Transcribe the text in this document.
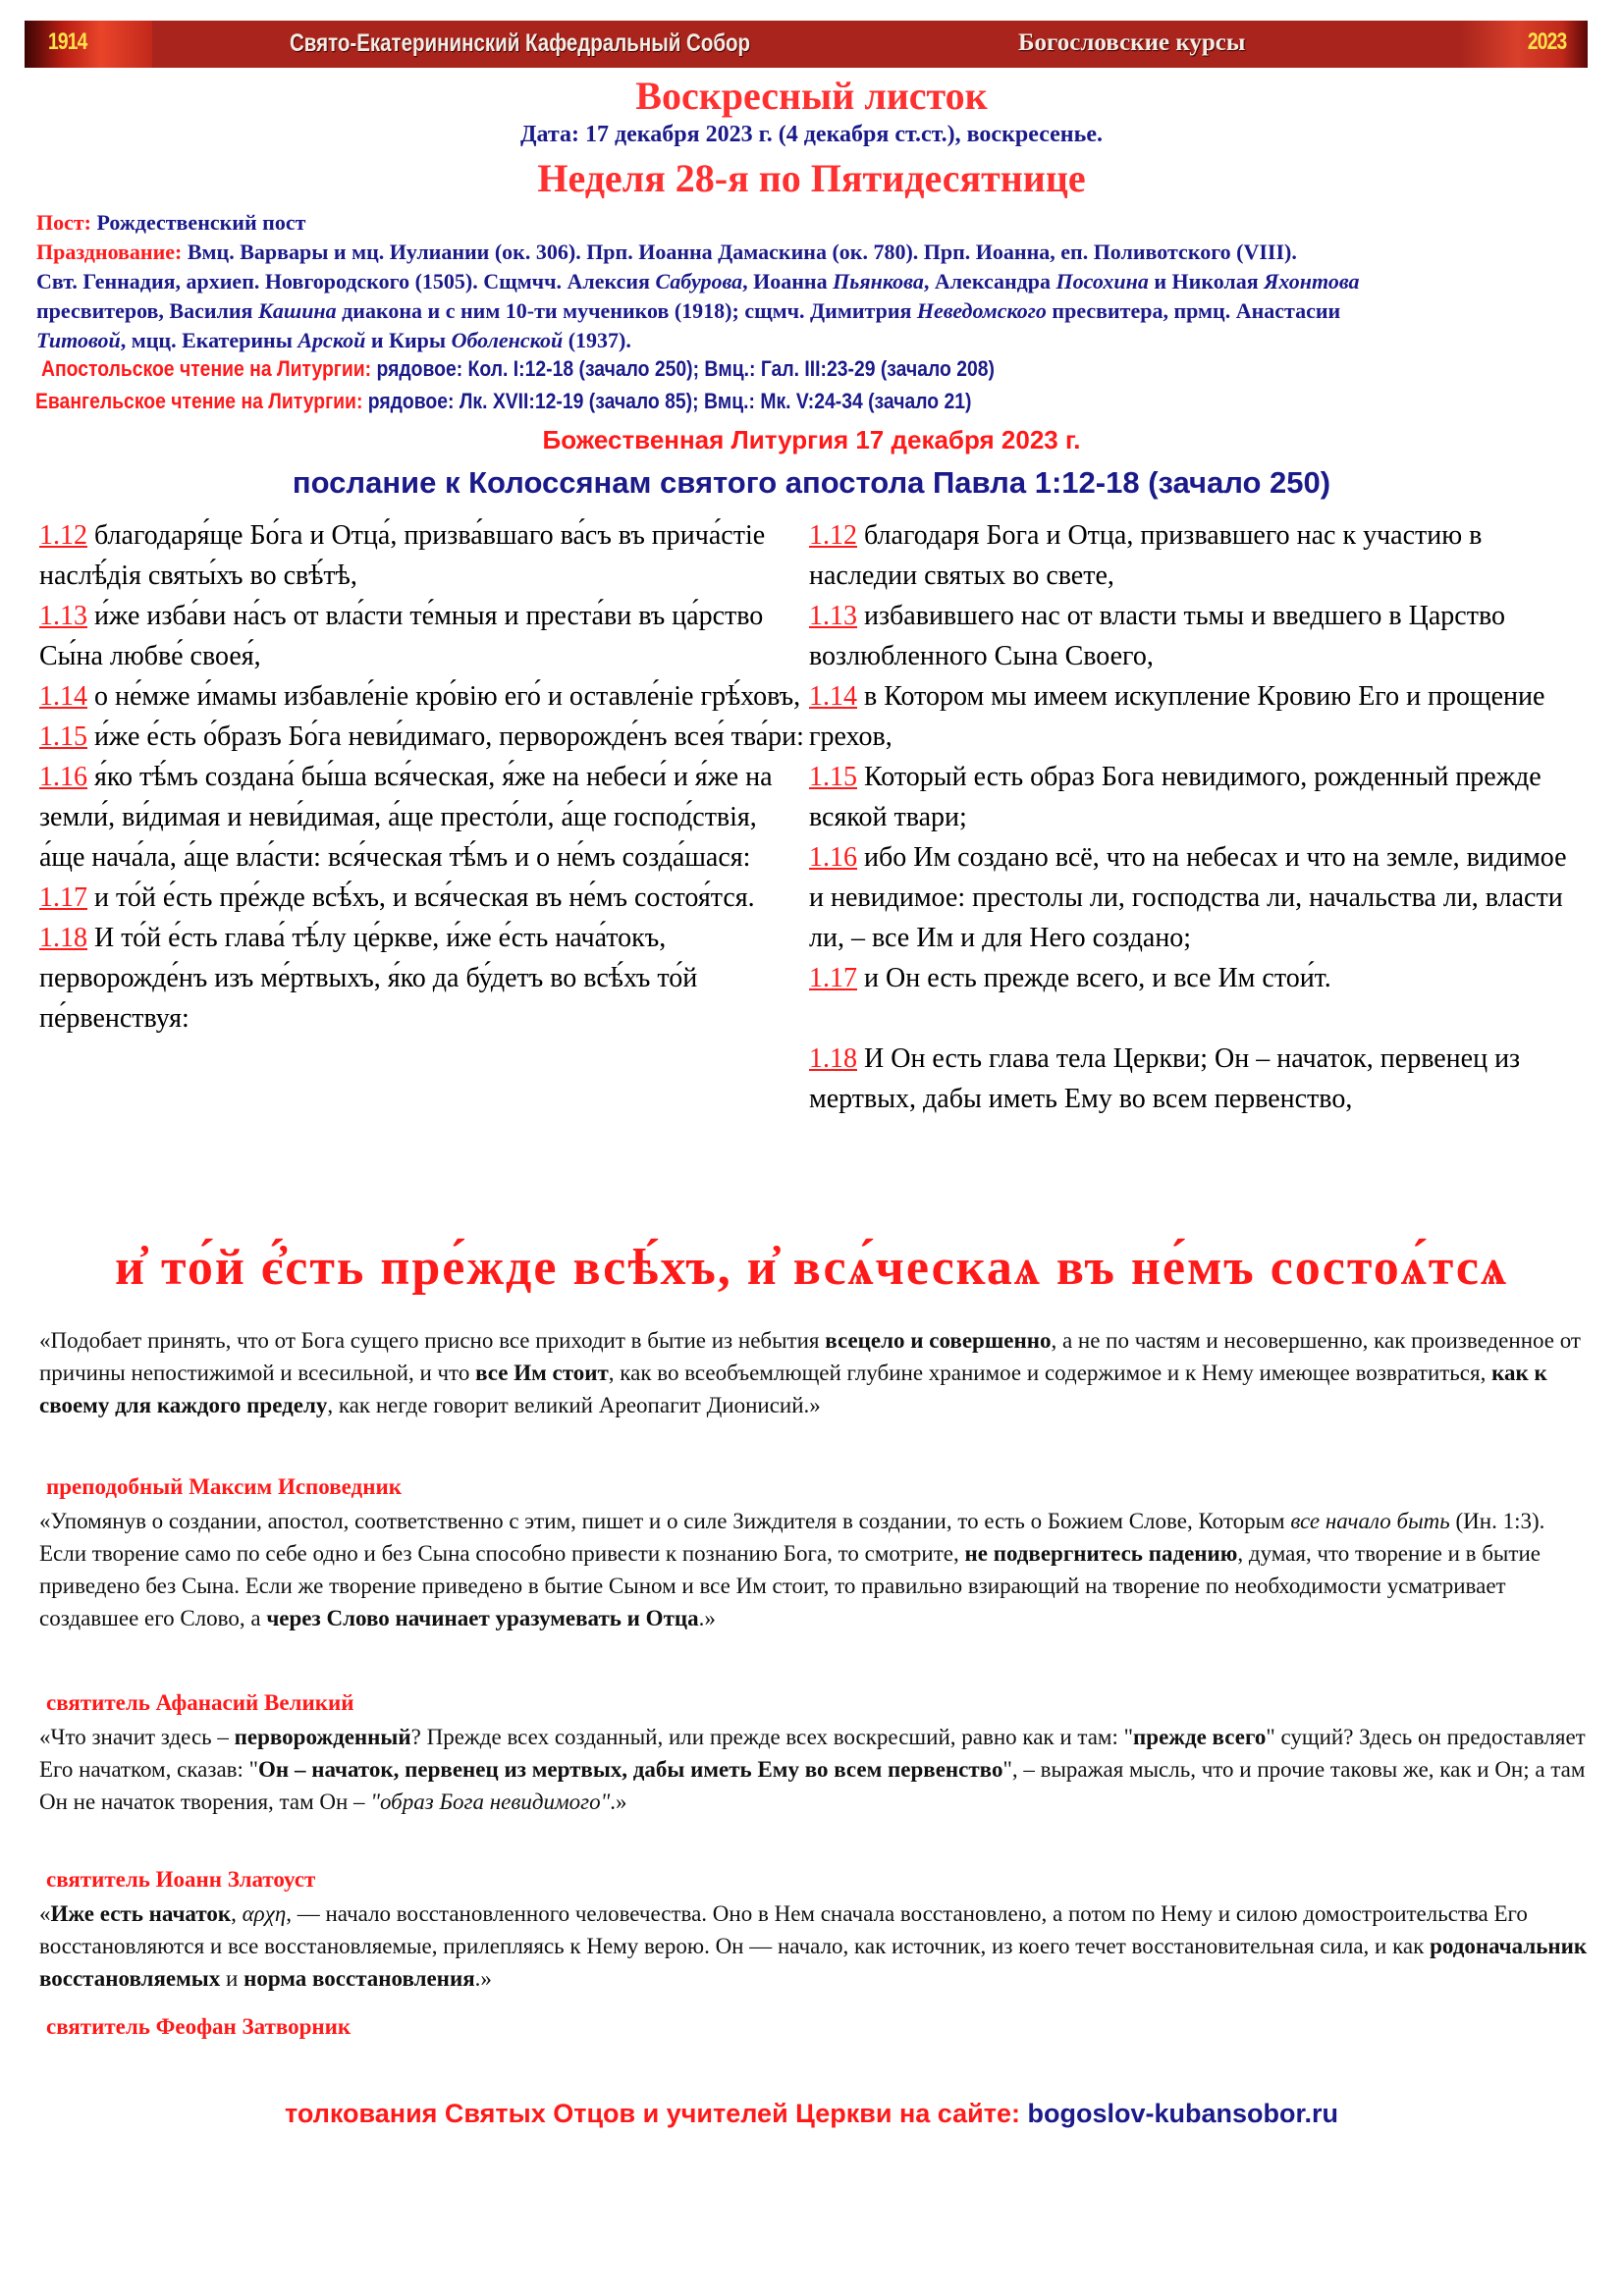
1914	Свято-Екатерининский Кафедральный Собор	Богословские курсы	2023
Воскресный листок
Дата: 17 декабря 2023 г. (4 декабря ст.ст.), воскресенье.
Неделя 28-я по Пятидесятнице
Пост: Рождественский пост
Празднование: Вмц. Варвары и мц. Иулиании (ок. 306). Прп. Иоанна Дамаскина (ок. 780). Прп. Иоанна, еп. Поливотского (VIII).
Свт. Геннадия, архиеп. Новгородского (1505). Сщмчч. Алексия Сабурова, Иоанна Пьянкова, Александра Посохина и Николая Яхонтова
пресвитеров, Василия Кашина диакона и с ним 10-ти мучеников (1918); сщмч. Димитрия Неведомского пресвитера, прмц. Анастасии
Титовой, мцц. Екатерины Арской и Киры Оболенской (1937).
Апостольское чтение на Литургии: рядовое: Кол. I:12-18 (зачало 250); Вмц.: Гал. III:23-29 (зачало 208)
Евангельское чтение на Литургии: рядовое: Лк. XVII:12-19 (зачало 85); Вмц.: Мк. V:24-34 (зачало 21)
Божественная Литургия 17 декабря 2023 г.
послание к Колоссянам святого апостола Павла 1:12-18 (зачало 250)
1.12 благодаря́ще Бо́га и Отца́, призва́вшаго ва́съ въ прича́стіе наслѣ́дія святы́хъ во свѣ́тѣ,
1.13 и́же изба́ви на́съ от вла́сти те́мныя и преста́ви въ ца́рство Сы́на любве́ своея́,
1.14 о не́мже и́мамы избавле́ніе кро́вію его́ и оставле́ніе грѣ́ховъ,
1.15 и́же е́сть о́бразъ Бо́га неви́димаго, перворожде́нъ всея́ тва́ри:
1.16 я́ко тѣ́мъ создана́ бы́ша вся́ческая, я́же на небеси́ и я́же на земли́, ви́димая и неви́димая, а́ще престо́ли, а́ще господ́ствія, а́ще нача́ла, а́ще вла́сти: вся́ческая тѣ́мъ и о не́мъ созда́шася:
1.17 и то́й е́сть пре́жде всѣ́хъ, и вся́ческая въ не́мъ состоя́тся.
1.18 И то́й е́сть глава́ тѣ́лу це́ркве, и́же е́сть нача́токъ, перворожде́нъ изъ ме́ртвыхъ, я́ко да бу́детъ во всѣ́хъ то́й пе́рвенствуя:
1.12 благодаря Бога и Отца, призвавшего нас к участию в наследии святых во свете,
1.13 избавившего нас от власти тьмы и введшего в Царство возлюбленного Сына Своего,
1.14 в Котором мы имеем искупление Кровию Его и прощение грехов,
1.15 Который есть образ Бога невидимого, рожденный прежде всякой твари;
1.16 ибо Им создано всё, что на небесах и что на земле, видимое и невидимое: престолы ли, господства ли, начальства ли, власти ли, – все Им и для Него создано;
1.17 и Он есть прежде всего, и все Им стои́т.
1.18 И Он есть глава тела Церкви; Он – начаток, первенец из мертвых, дабы иметь Ему во всем первенство,
и҆ то́й є҆́сть пре́жде всѣ́хъ, и҆ всѧ́ческаѧ въ не́мъ состоѧ́тсѧ
«Подобает принять, что от Бога сущего присно все приходит в бытие из небытия всецело и совершенно, а не по частям и несовершенно, как произведенное от причины непостижимой и всесильной, и что все Им стоит, как во всеобъемлющей глубине хранимое и содержимое и к Нему имеющее возвратиться, как к своему для каждого пределу, как негде говорит великий Ареопагит Дионисий.»
преподобный Максим Исповедник
«Упомянув о создании, апостол, соответственно с этим, пишет и о силе Зиждителя в создании, то есть о Божием Слове, Которым все начало быть (Ин. 1:3). Если творение само по себе одно и без Сына способно привести к познанию Бога, то смотрите, не подвергнитесь падению, думая, что творение и в бытие приведено без Сына. Если же творение приведено в бытие Сыном и все Им стоит, то правильно взирающий на творение по необходимости усматривает создавшее его Слово, а через Слово начинает уразумевать и Отца.»
святитель Афанасий Великий
«Что значит здесь – перворожденный? Прежде всех созданный, или прежде всех воскресший, равно как и там: "прежде всего" сущий? Здесь он предоставляет Его начатком, сказав: "Он – начаток, первенец из мертвых, дабы иметь Ему во всем первенство", – выражая мысль, что и прочие таковы же, как и Он; а там Он не начаток творения, там Он – "образ Бога невидимого".»
святитель Иоанн Златоуст
«Иже есть начаток, αρχη, — начало восстановленного человечества. Оно в Нем сначала восстановлено, а потом по Нему и силою домостроительства Его восстановляются и все восстановляемые, прилепляясь к Нему верою. Он — начало, как источник, из коего течет восстановительная сила, и как родоначальник восстановляемых и норма восстановления.»
святитель Феофан Затворник
толкования Святых Отцов и учителей Церкви на сайте: bogoslov-kubansobor.ru
